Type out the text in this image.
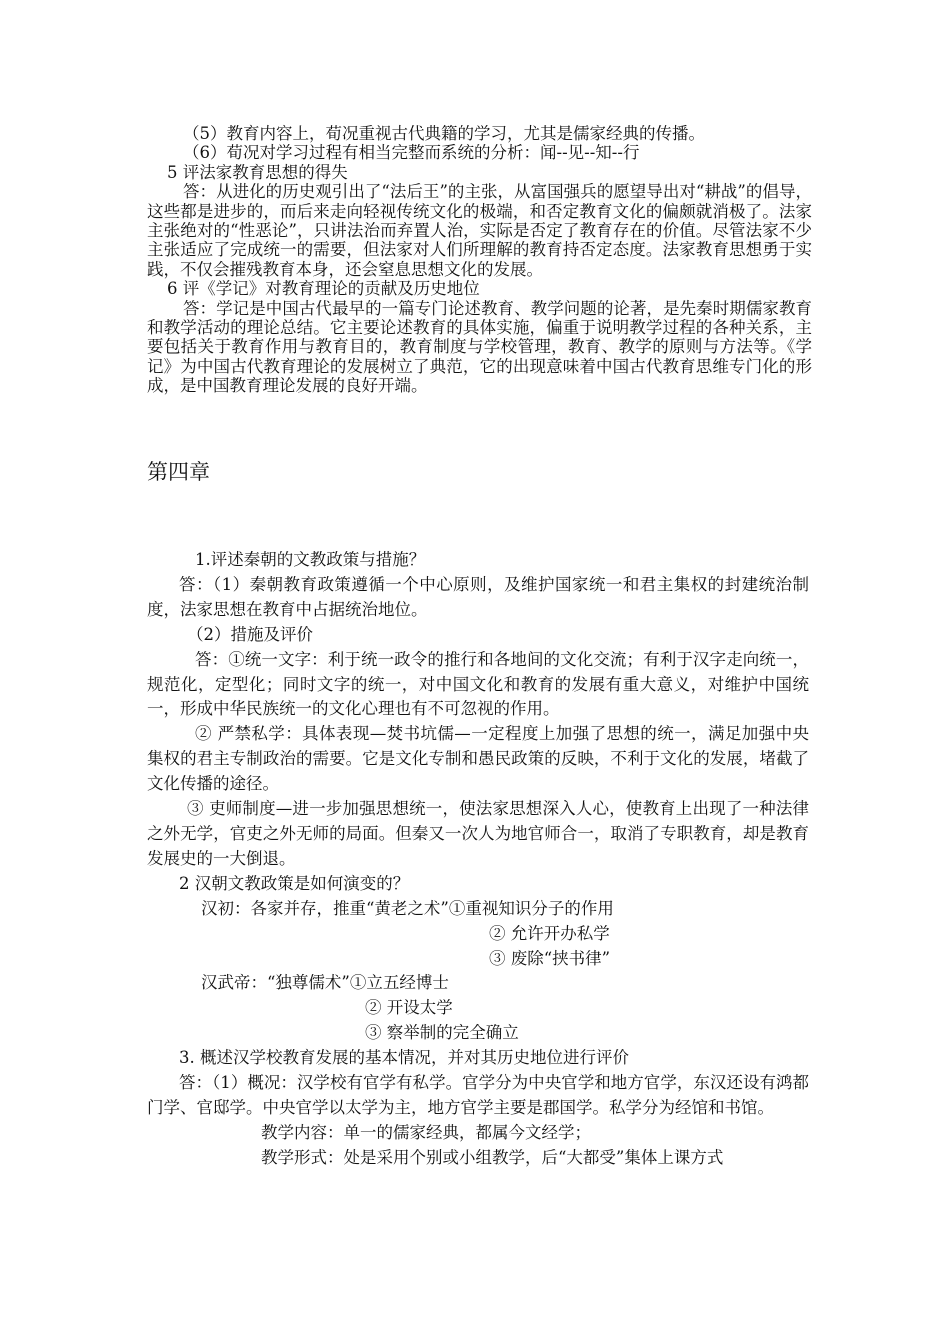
（5）教育内容上，荀况重视古代典籍的学习，尤其是儒家经典的传播。

（6）荀况对学习过程有相当完整而系统的分析：闻--见--知--行

5 评法家教育思想的得失

答：从进化的历史观引出了“法后王”的主张，从富国强兵的愿望导出对“耕战”的倡导，这些都是进步的，而后来走向轻视传统文化的极端，和否定教育文化的偏颇就消极了。法家主张绝对的“性恶论”，只讲法治而弃置人治，实际是否定了教育存在的价值。尽管法家不少主张适应了完成统一的需要，但法家对人们所理解的教育持否定态度。法家教育思想勇于实践，不仅会摧残教育本身，还会窒息思想文化的发展。

6 评《学记》对教育理论的贡献及历史地位

答：学记是中国古代最早的一篇专门论述教育、教学问题的论著，是先秦时期儒家教育和教学活动的理论总结。它主要论述教育的具体实施，偏重于说明教学过程的各种关系，主要包括关于教育作用与教育目的，教育制度与学校管理，教育、教学的原则与方法等。《学记》为中国古代教育理论的发展树立了典范，它的出现意味着中国古代教育思维专门化的形成，是中国教育理论发展的良好开端。

第四章

1.评述秦朝的文教政策与措施？

答：（1）秦朝教育政策遵循一个中心原则，及维护国家统一和君主集权的封建统治制度，法家思想在教育中占据统治地位。

（2）措施及评价

答：①统一文字：利于统一政令的推行和各地间的文化交流；有利于汉字走向统一，规范化，定型化；同时文字的统一，对中国文化和教育的发展有重大意义，对维护中国统一，形成中华民族统一的文化心理也有不可忽视的作用。

② 严禁私学：具体表现—焚书坑儒—一定程度上加强了思想的统一，满足加强中央集权的君主专制政治的需要。它是文化专制和愚民政策的反映，不利于文化的发展，堵截了文化传播的途径。

③ 吏师制度—进一步加强思想统一，使法家思想深入人心，使教育上出现了一种法律之外无学，官吏之外无师的局面。但秦又一次人为地官师合一，取消了专职教育，却是教育发展史的一大倒退。

2 汉朝文教政策是如何演变的？

汉初：各家并存，推重“黄老之术”①重视知识分子的作用

② 允许开办私学

③ 废除“挟书律”

汉武帝：“独尊儒术”①立五经博士

② 开设太学

③ 察举制的完全确立

3. 概述汉学校教育发展的基本情况，并对其历史地位进行评价

答：（1）概况：汉学校有官学有私学。官学分为中央官学和地方官学，东汉还设有鸿都门学、官邸学。中央官学以太学为主，地方官学主要是郡国学。私学分为经馆和书馆。

教学内容：单一的儒家经典，都属今文经学；

教学形式：处是采用个别或小组教学，后“大都受”集体上课方式
